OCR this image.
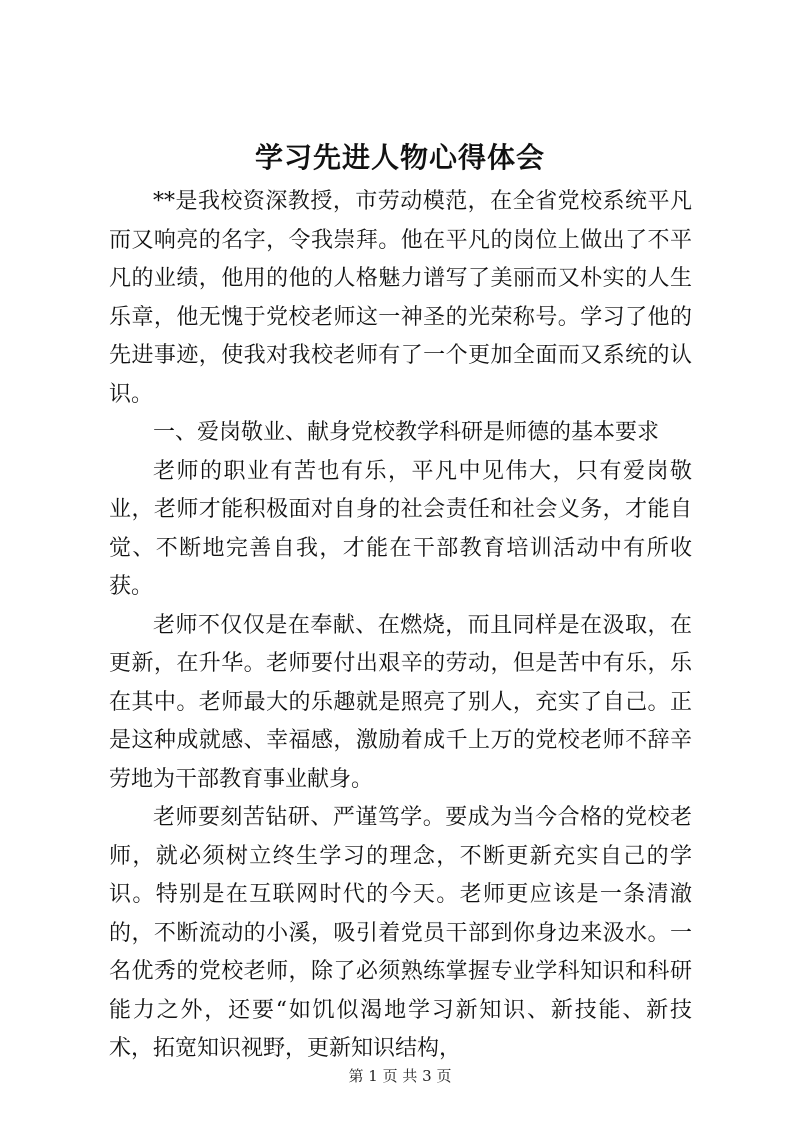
学习先进人物心得体会

**是我校资深教授，市劳动模范，在全省党校系统平凡而又响亮的名字，令我崇拜。他在平凡的岗位上做出了不平凡的业绩，他用的他的人格魅力谱写了美丽而又朴实的人生乐章，他无愧于党校老师这一神圣的光荣称号。学习了他的先进事迹，使我对我校老师有了一个更加全面而又系统的认识。

一、爱岗敬业、献身党校教学科研是师德的基本要求

老师的职业有苦也有乐，平凡中见伟大，只有爱岗敬业，老师才能积极面对自身的社会责任和社会义务，才能自觉、不断地完善自我，才能在干部教育培训活动中有所收获。

老师不仅仅是在奉献、在燃烧，而且同样是在汲取，在更新，在升华。老师要付出艰辛的劳动，但是苦中有乐，乐在其中。老师最大的乐趣就是照亮了别人，充实了自己。正是这种成就感、幸福感，激励着成千上万的党校老师不辞辛劳地为干部教育事业献身。

老师要刻苦钻研、严谨笃学。要成为当今合格的党校老师，就必须树立终生学习的理念，不断更新充实自己的学识。特别是在互联网时代的今天。老师更应该是一条清澈的，不断流动的小溪，吸引着党员干部到你身边来汲水。一名优秀的党校老师，除了必须熟练掌握专业学科知识和科研能力之外，还要“如饥似渴地学习新知识、新技能、新技术，拓宽知识视野，更新知识结构，

第 1 页 共 3 页
